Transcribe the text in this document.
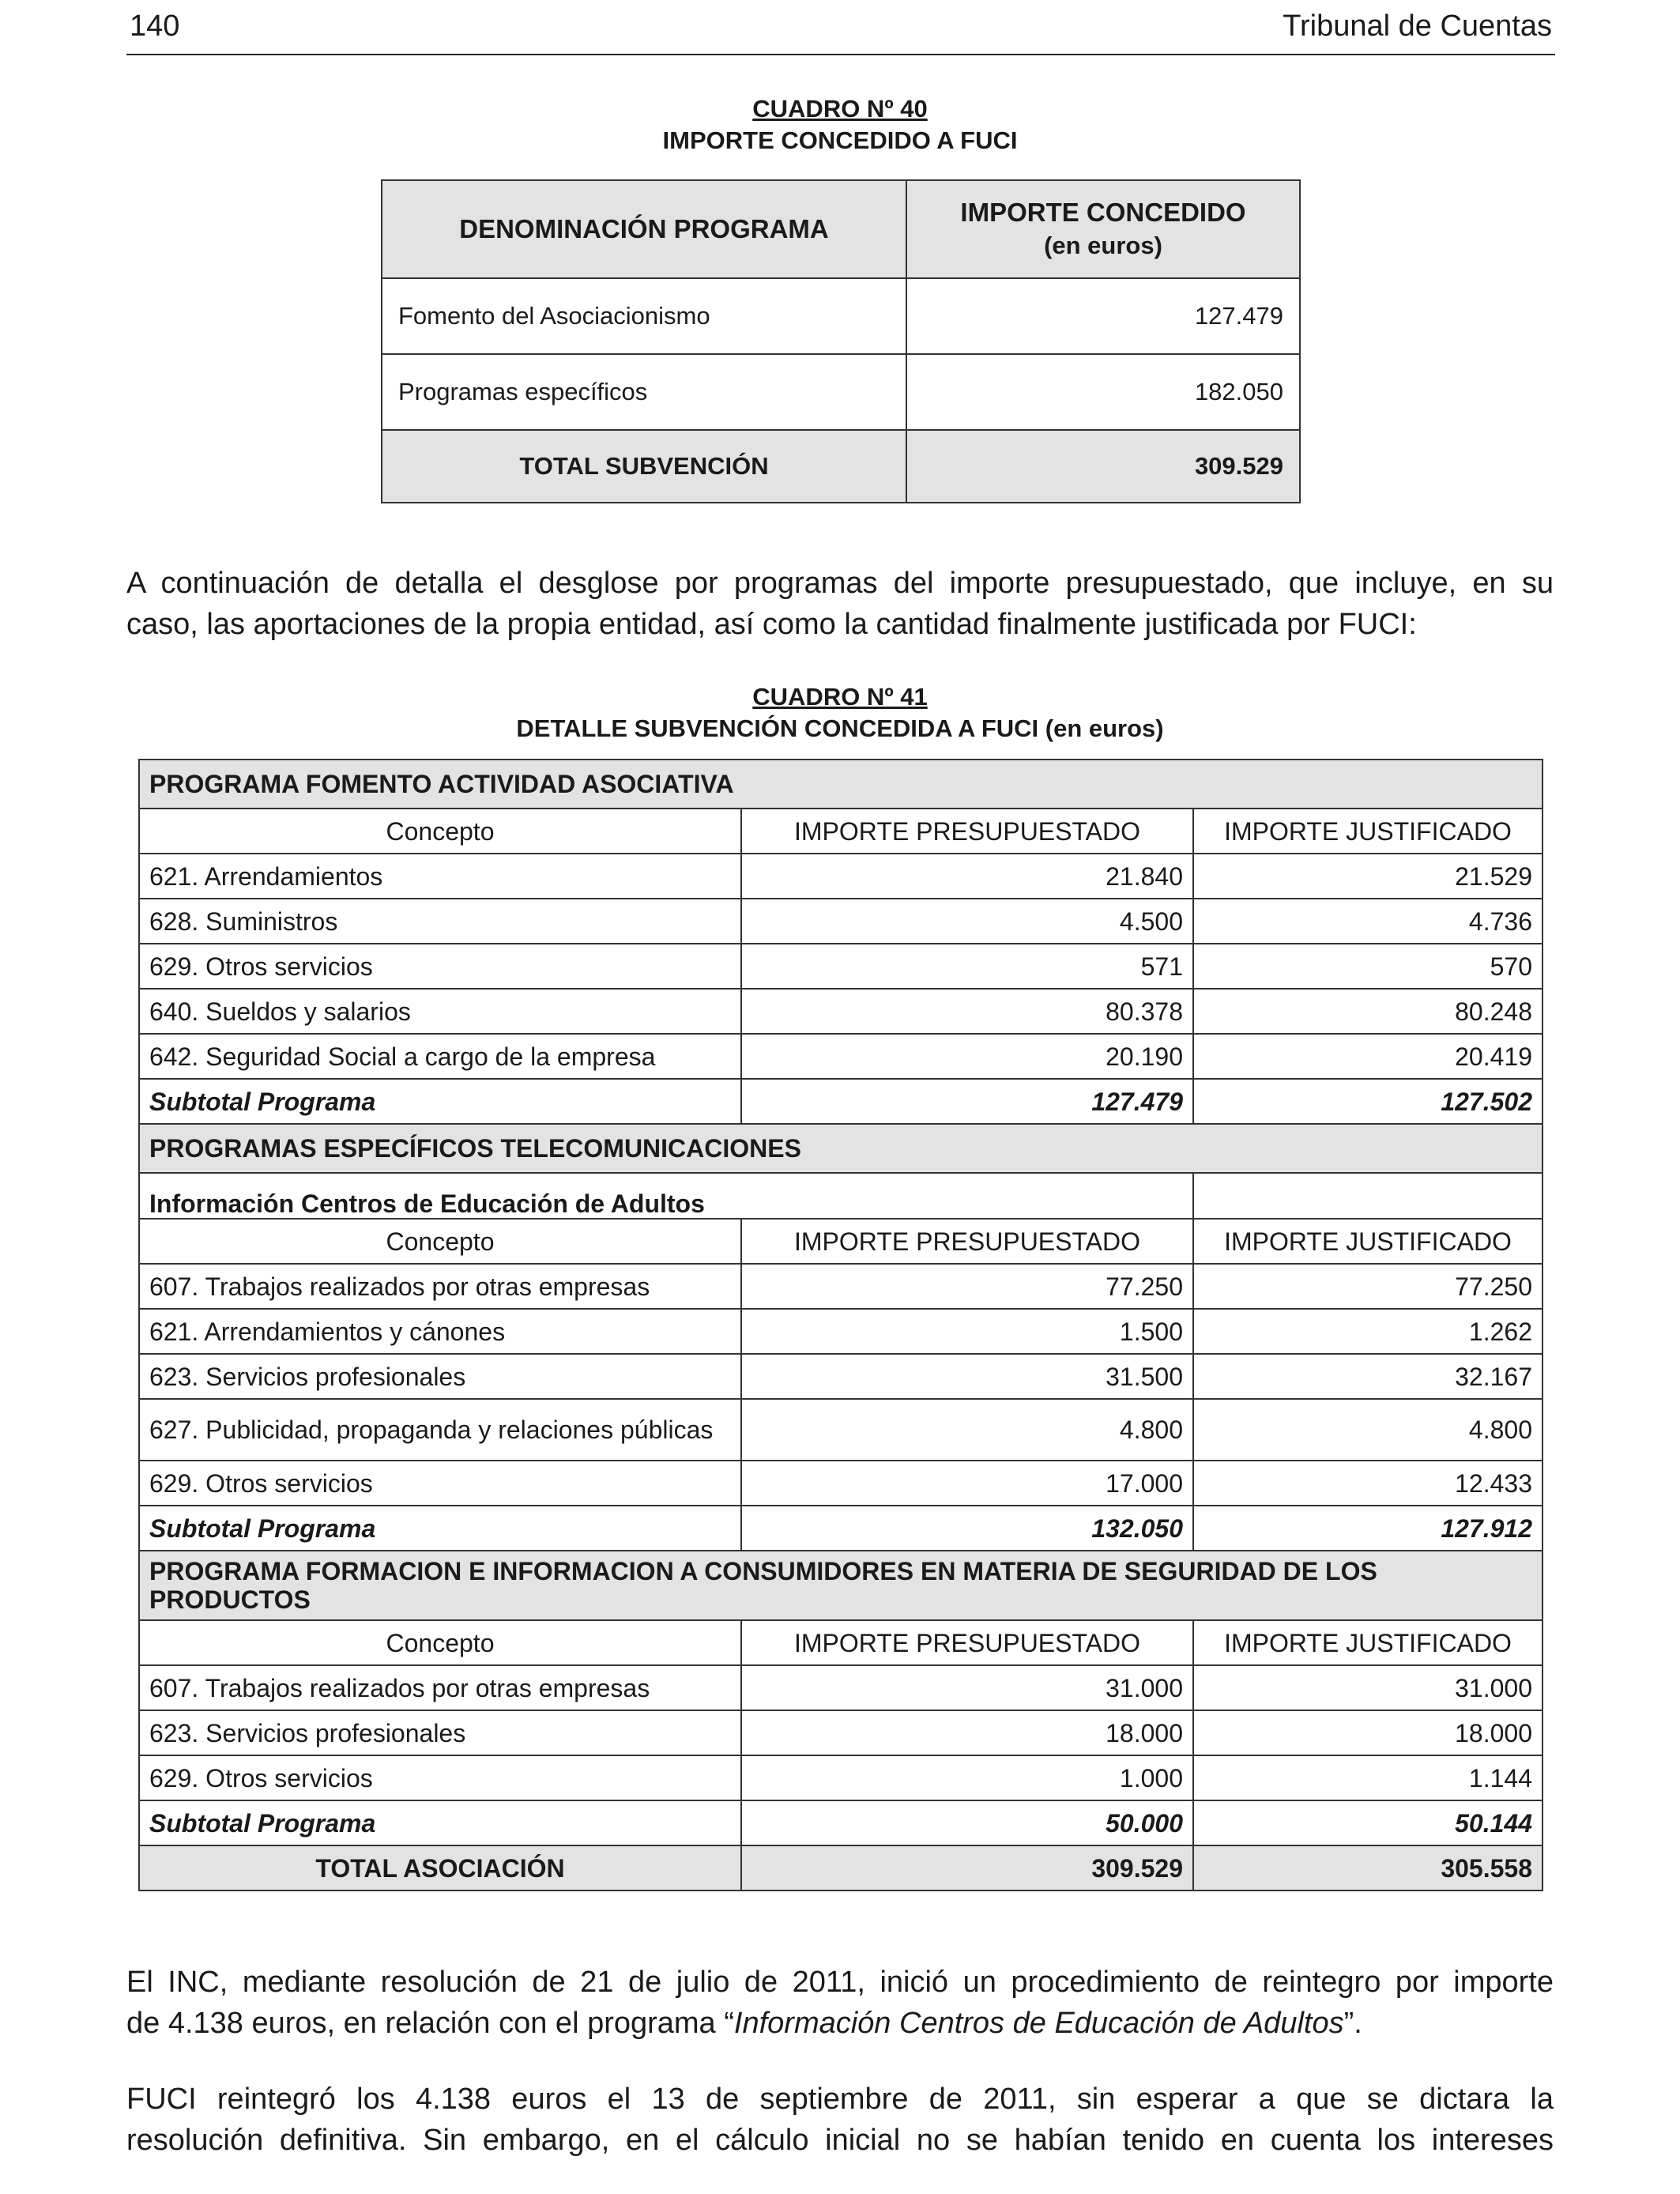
140	Tribunal de Cuentas
CUADRO Nº 40
IMPORTE CONCEDIDO A FUCI
DENOMINACIÓN PROGRAMA	IMPORTE CONCEDIDO
(en euros)

Fomento del Asociacionismo	127.479
Programas específicos	182.050
TOTAL SUBVENCIÓN	309.529
A continuación de detalla el desglose por programas del importe presupuestado, que incluye, en su
caso, las aportaciones de la propia entidad, así como la cantidad finalmente justificada por FUCI:
CUADRO Nº 41
DETALLE SUBVENCIÓN CONCEDIDA A FUCI (en euros)
PROGRAMA FOMENTO ACTIVIDAD ASOCIATIVA		
Concepto	IMPORTE PRESUPUESTADO	IMPORTE JUSTIFICADO
621. Arrendamientos	21.840	21.529
628. Suministros	4.500	4.736
629. Otros servicios	571	570
640. Sueldos y salarios	80.378	80.248
642. Seguridad Social a cargo de la empresa	20.190	20.419
Subtotal Programa	127.479	127.502
PROGRAMAS ESPECÍFICOS TELECOMUNICACIONES		
Información Centros de Educación de Adultos		
Concepto	IMPORTE PRESUPUESTADO	IMPORTE JUSTIFICADO
607. Trabajos realizados por otras empresas	77.250	77.250
621. Arrendamientos y cánones	1.500	1.262
623. Servicios profesionales	31.500	32.167
627. Publicidad, propaganda y relaciones públicas	4.800	4.800
629. Otros servicios	17.000	12.433
Subtotal Programa	132.050	127.912
PROGRAMA FORMACION E INFORMACION A CONSUMIDORES EN MATERIA DE SEGURIDAD DE LOS PRODUCTOS		
Concepto	IMPORTE PRESUPUESTADO	IMPORTE JUSTIFICADO
607. Trabajos realizados por otras empresas	31.000	31.000
623. Servicios profesionales	18.000	18.000
629. Otros servicios	1.000	1.144
Subtotal Programa	50.000	50.144
TOTAL ASOCIACIÓN	309.529	305.558
El INC, mediante resolución de 21 de julio de 2011, inició un procedimiento de reintegro por importe
de 4.138 euros, en relación con el programa “Información Centros de Educación de Adultos”.
FUCI reintegró los 4.138 euros el 13 de septiembre de 2011, sin esperar a que se dictara la
resolución definitiva. Sin embargo, en el cálculo inicial no se habían tenido en cuenta los intereses
